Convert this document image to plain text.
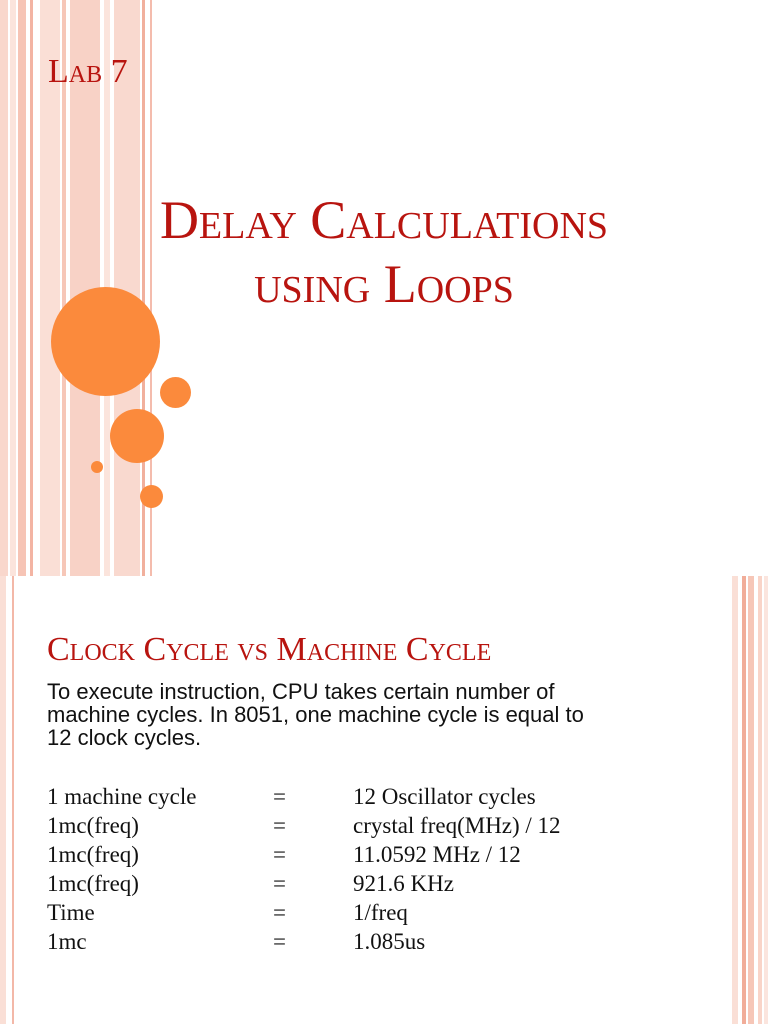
Lab 7
Delay Calculations
using Loops
Clock Cycle vs Machine Cycle

To execute instruction, CPU takes certain number of
machine cycles. In 8051, one machine cycle is equal to
12 clock cycles.

1 machine cycle	=	12 Oscillator cycles
1mc(freq)	=	crystal freq(MHz) / 12
1mc(freq)	=	11.0592 MHz / 12
1mc(freq)	=	921.6 KHz
Time	=	1/freq
1mc	=	1.085us
